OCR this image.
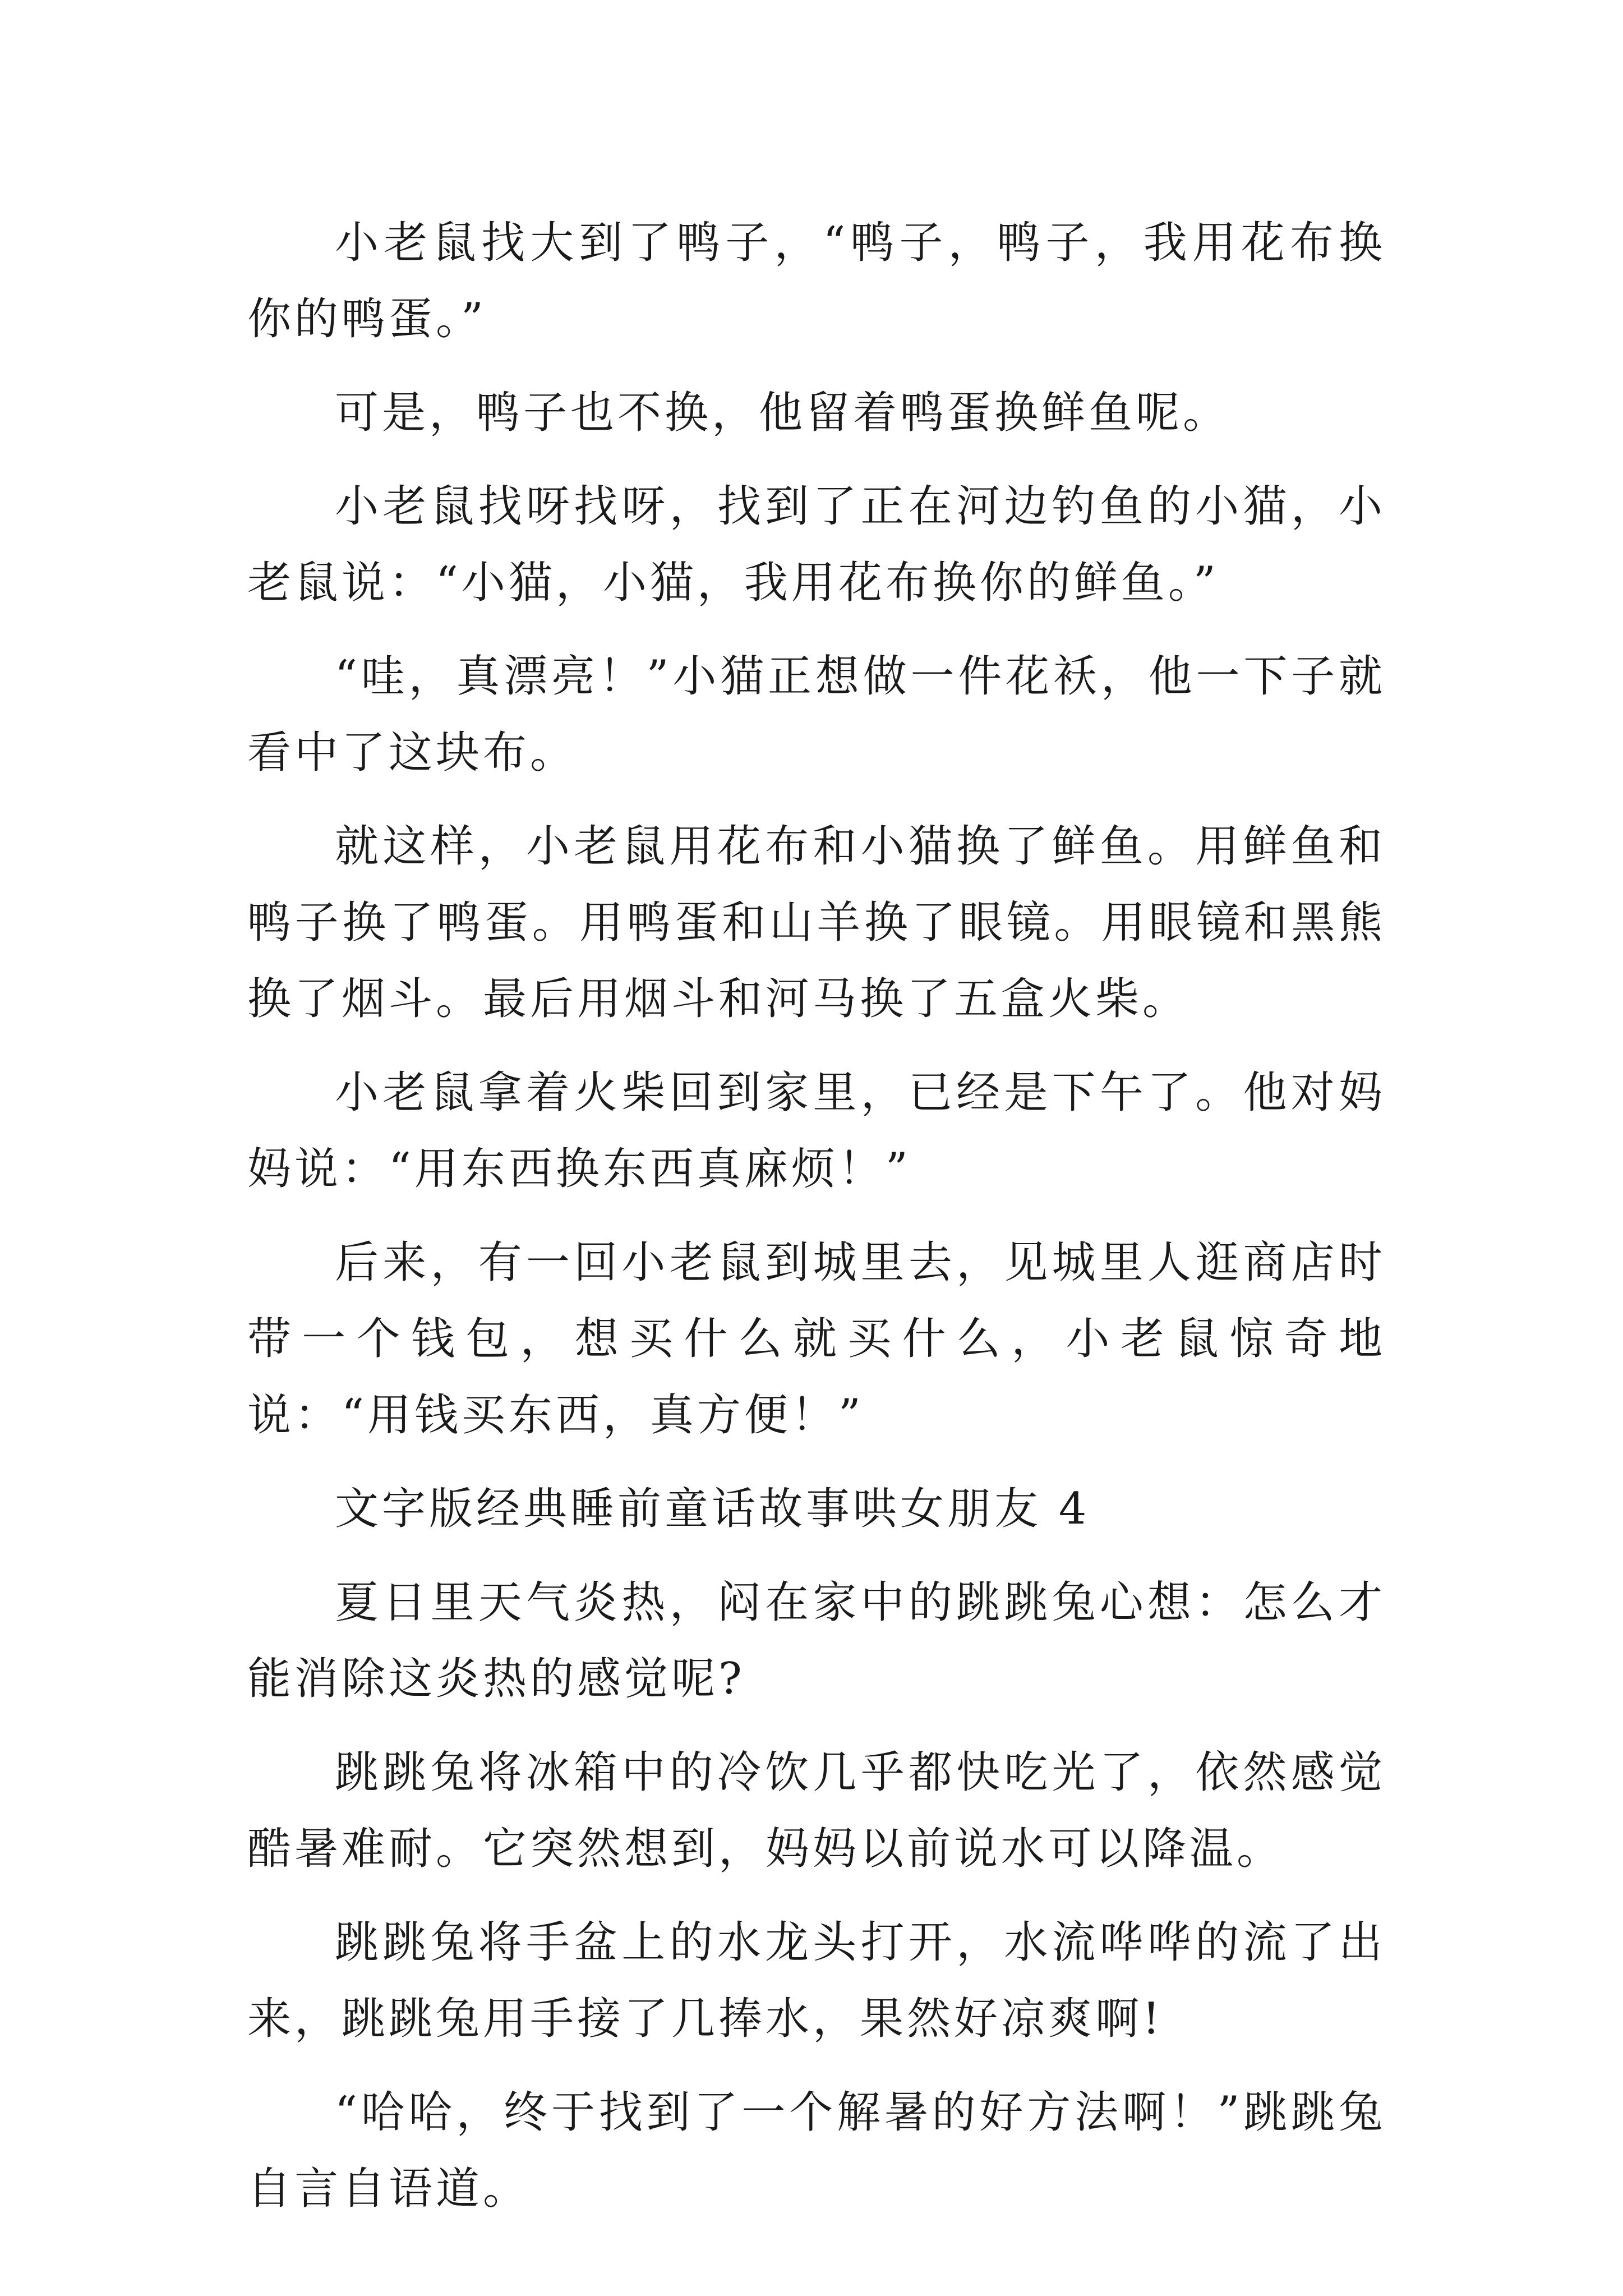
小老鼠找大到了鸭子，“鸭子，鸭子，我用花布换你的鸭蛋。”

可是，鸭子也不换，他留着鸭蛋换鲜鱼呢。

小老鼠找呀找呀，找到了正在河边钓鱼的小猫，小老鼠说：“小猫，小猫，我用花布换你的鲜鱼。”

“哇，真漂亮！”小猫正想做一件花袄，他一下子就看中了这块布。

就这样，小老鼠用花布和小猫换了鲜鱼。用鲜鱼和鸭子换了鸭蛋。用鸭蛋和山羊换了眼镜。用眼镜和黑熊换了烟斗。最后用烟斗和河马换了五盒火柴。

小老鼠拿着火柴回到家里，已经是下午了。他对妈妈说：“用东西换东西真麻烦！”

后来，有一回小老鼠到城里去，见城里人逛商店时带一个钱包，想买什么就买什么，小老鼠惊奇地说：“用钱买东西，真方便！”

文字版经典睡前童话故事哄女朋友 4

夏日里天气炎热，闷在家中的跳跳兔心想：怎么才能消除这炎热的感觉呢?

跳跳兔将冰箱中的冷饮几乎都快吃光了，依然感觉酷暑难耐。它突然想到，妈妈以前说水可以降温。

跳跳兔将手盆上的水龙头打开，水流哗哗的流了出来，跳跳兔用手接了几捧水，果然好凉爽啊!

“哈哈，终于找到了一个解暑的好方法啊！”跳跳兔自言自语道。
